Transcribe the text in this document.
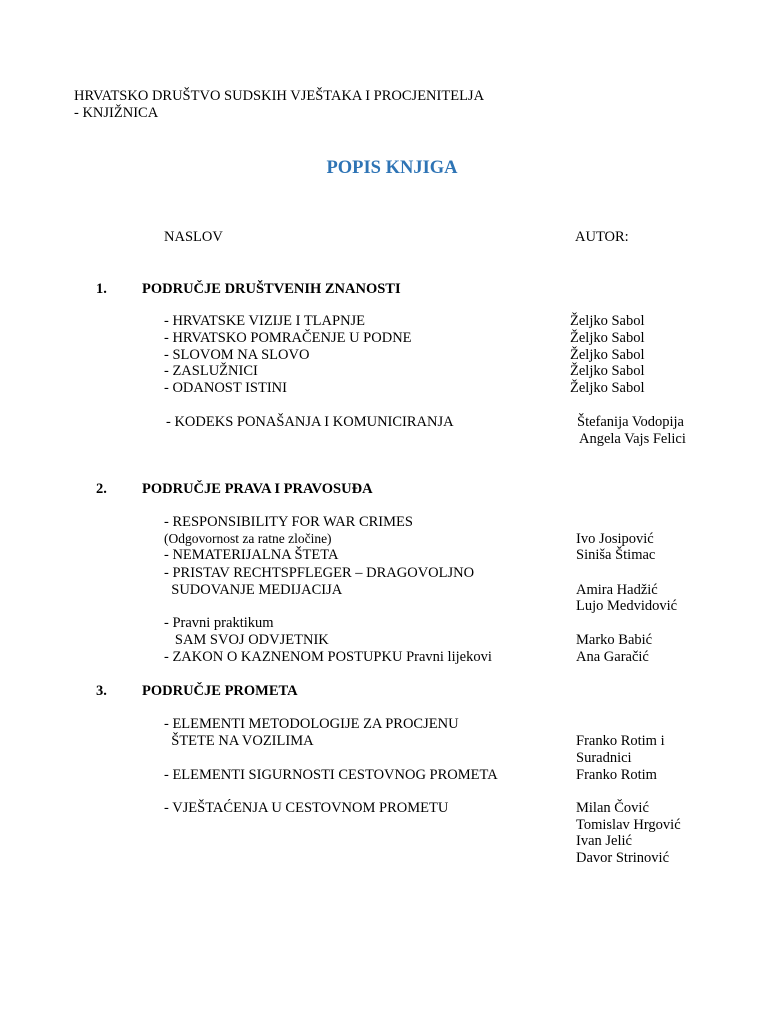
HRVATSKO DRUŠTVO SUDSKIH VJEŠTAKA I PROCJENITELJA
- KNJIŽNICA
POPIS KNJIGA
NASLOV	AUTOR:
1. PODRUČJE DRUŠTVENIH ZNANOSTI
- HRVATSKE VIZIJE I TLAPNJE	Željko Sabol
- HRVATSKO POMRAČENJE U PODNE	Željko Sabol
- SLOVOM NA SLOVO	Željko Sabol
- ZASLUŽNICI	Željko Sabol
- ODANOST ISTINI	Željko Sabol
- KODEKS PONAŠANJA I KOMUNICIRANJA	Štefanija Vodopija
Angela Vajs Felici
2. PODRUČJE PRAVA I PRAVOSUĐA
- RESPONSIBILITY FOR WAR CRIMES
(Odgovornost za ratne zločine)	Ivo Josipović
- NEMATERIJALNA ŠTETA	Siniša Štimac
- PRISTAV RECHTSPFLEGER – DRAGOVOLJNO
SUDOVANJE MEDIJACIJA	Amira Hadžić
Lujo Medvidović
- Pravni praktikum
SAM SVOJ ODVJETNIK	Marko Babić
- ZAKON O KAZNENOM POSTUPKU Pravni lijekovi	Ana Garačić
3. PODRUČJE PROMETA
- ELEMENTI METODOLOGIJE ZA PROCJENU
ŠTETE NA VOZILIMA	Franko Rotim i
Suradnici
- ELEMENTI SIGURNOSTI CESTOVNOG PROMETA	Franko Rotim
- VJEŠTAĆENJA U CESTOVNOM PROMETU	Milan Čović
Tomislav Hrgović
Ivan Jelić
Davor Strinović
